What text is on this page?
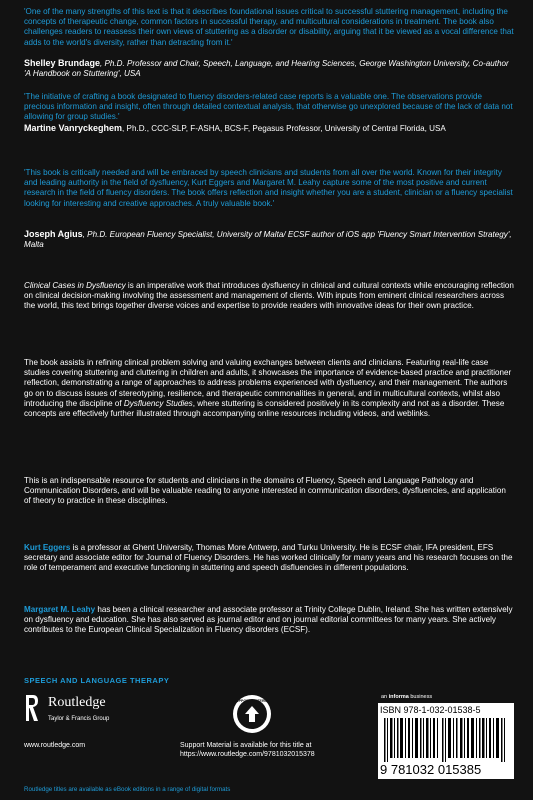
'One of the many strengths of this text is that it describes foundational issues critical to successful stuttering management, including the concepts of therapeutic change, common factors in successful therapy, and multicultural considerations in treatment. The book also challenges readers to reassess their own views of stuttering as a disorder or disability, arguing that it be viewed as a vocal difference that adds to the world's diversity, rather than detracting from it.'
Shelley Brundage, Ph.D. Professor and Chair, Speech, Language, and Hearing Sciences, George Washington University, Co-author 'A Handbook on Stuttering', USA
'The initiative of crafting a book designated to fluency disorders-related case reports is a valuable one. The observations provide precious information and insight, often through detailed contextual analysis, that otherwise go unexplored because of the lack of data not allowing for group studies.'
Martine Vanryckeghem, Ph.D., CCC-SLP, F-ASHA, BCS-F, Pegasus Professor, University of Central Florida, USA
'This book is critically needed and will be embraced by speech clinicians and students from all over the world. Known for their integrity and leading authority in the field of dysfluency, Kurt Eggers and Margaret M. Leahy capture some of the most positive and current research in the field of fluency disorders. The book offers reflection and insight whether you are a student, clinician or a fluency specialist looking for interesting and creative approaches. A truly valuable book.'
Joseph Agius, Ph.D. European Fluency Specialist, University of Malta/ ECSF author of iOS app 'Fluency Smart Intervention Strategy', Malta
Clinical Cases in Dysfluency is an imperative work that introduces dysfluency in clinical and cultural contexts while encouraging reflection on clinical decision-making involving the assessment and management of clients. With inputs from eminent clinical researchers across the world, this text brings together diverse voices and expertise to provide readers with innovative ideas for their own practice.
The book assists in refining clinical problem solving and valuing exchanges between clients and clinicians. Featuring real-life case studies covering stuttering and cluttering in children and adults, it showcases the importance of evidence-based practice and practitioner reflection, demonstrating a range of approaches to address problems experienced with dysfluency, and their management. The authors go on to discuss issues of stereotyping, resilience, and therapeutic commonalities in general, and in multicultural contexts, whilst also introducing the discipline of Dysfluency Studies, where stuttering is considered positively in its complexity and not as a disorder. These concepts are effectively further illustrated through accompanying online resources including videos, and weblinks.
This is an indispensable resource for students and clinicians in the domains of Fluency, Speech and Language Pathology and Communication Disorders, and will be valuable reading to anyone interested in communication disorders, dysfluencies, and application of theory to practice in these disciplines.
Kurt Eggers is a professor at Ghent University, Thomas More Antwerp, and Turku University. He is ECSF chair, IFA president, EFS secretary and associate editor for Journal of Fluency Disorders. He has worked clinically for many years and his research focuses on the role of temperament and executive functioning in stuttering and speech disfluencies in different populations.
Margaret M. Leahy has been a clinical researcher and associate professor at Trinity College Dublin, Ireland. She has written extensively on dysfluency and education. She has also served as journal editor and on journal editorial committees for many years. She actively contributes to the European Clinical Specialization in Fluency disorders (ECSF).
SPEECH AND LANGUAGE THERAPY
Routledge
Taylor & Francis Group
www.routledge.com
SUPPORT MATERIAL
Support Material is available for this title at
https://www.routledge.com/9781032015378
an informa business
ISBN 978-1-032-01538-5
9 781032 015385
Routledge titles are available as eBook editions in a range of digital formats
